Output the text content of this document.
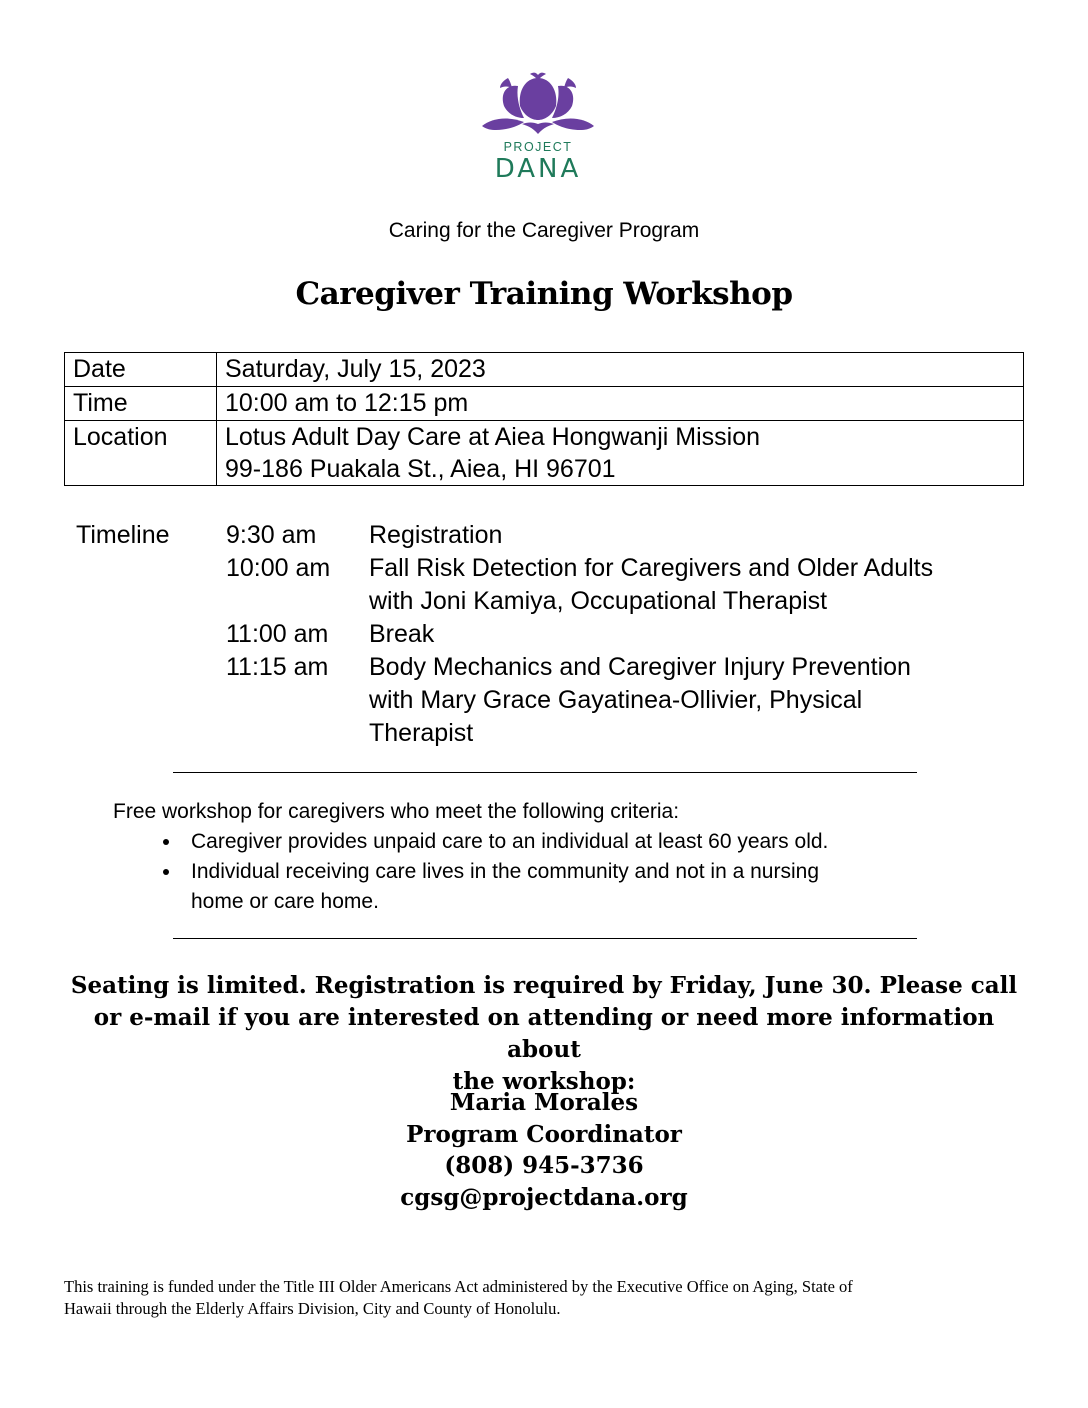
PROJECT
DANA
Caring for the Caregiver Program
Caregiver Training Workshop
Date	Saturday, July 15, 2023
Time	10:00 am to 12:15 pm
Location	Lotus Adult Day Care at Aiea Hongwanji Mission
99-186 Puakala St., Aiea, HI 96701
Timeline 9:30 am Registration
10:00 am Fall Risk Detection for Caregivers and Older Adults
with Joni Kamiya, Occupational Therapist
11:00 am Break
11:15 am Body Mechanics and Caregiver Injury Prevention
with Mary Grace Gayatinea-Ollivier, Physical
Therapist
Free workshop for caregivers who meet the following criteria:
Caregiver provides unpaid care to an individual at least 60 years old.
Individual receiving care lives in the community and not in a nursing
home or care home.
Seating is limited. Registration is required by Friday, June 30. Please call
or e-mail if you are interested on attending or need more information about
the workshop:
Maria Morales
Program Coordinator
(808) 945-3736
cgsg@projectdana.org
This training is funded under the Title III Older Americans Act administered by the Executive Office on Aging, State of
Hawaii through the Elderly Affairs Division, City and County of Honolulu.
